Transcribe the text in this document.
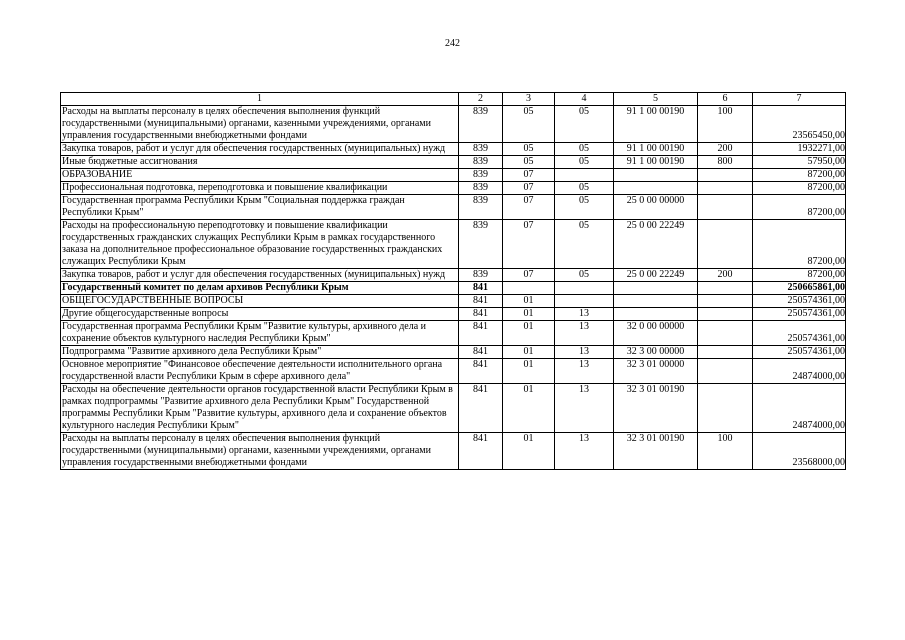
242
1	2	3	4	5	6	7
Расходы на выплаты персоналу в целях обеспечения выполнения функций государственными (муниципальными) органами, казенными учреждениями, органами управления государственными внебюджетными фондами	839	05	05	91 1 00 00190	100	23565450,00
Закупка товаров, работ и услуг для обеспечения государственных (муниципальных) нужд	839	05	05	91 1 00 00190	200	1932271,00
Иные бюджетные ассигнования	839	05	05	91 1 00 00190	800	57950,00
ОБРАЗОВАНИЕ	839	07				87200,00
Профессиональная подготовка, переподготовка и повышение квалификации	839	07	05			87200,00
Государственная программа Республики Крым "Социальная поддержка граждан Республики Крым"	839	07	05	25 0 00 00000		87200,00
Расходы на профессиональную переподготовку и повышение квалификации государственных гражданских служащих Республики Крым в рамках государственного заказа на дополнительное профессиональное образование государственных гражданских служащих Республики Крым	839	07	05	25 0 00 22249		87200,00
Закупка товаров, работ и услуг для обеспечения государственных (муниципальных) нужд	839	07	05	25 0 00 22249	200	87200,00
Государственный комитет по делам архивов Республики Крым	841					250665861,00
ОБЩЕГОСУДАРСТВЕННЫЕ ВОПРОСЫ	841	01				250574361,00
Другие общегосударственные вопросы	841	01	13			250574361,00
Государственная программа Республики Крым "Развитие культуры, архивного дела и сохранение объектов культурного наследия Республики Крым"	841	01	13	32 0 00 00000		250574361,00
Подпрограмма "Развитие архивного дела Республики Крым"	841	01	13	32 3 00 00000		250574361,00
Основное мероприятие "Финансовое обеспечение деятельности исполнительного органа государственной власти Республики Крым в сфере архивного дела"	841	01	13	32 3 01 00000		24874000,00
Расходы на обеспечение деятельности органов государственной власти Республики Крым в рамках подпрограммы "Развитие архивного дела Республики Крым" Государственной программы Республики Крым "Развитие культуры, архивного дела и сохранение объектов культурного наследия Республики Крым"	841	01	13	32 3 01 00190		24874000,00
Расходы на выплаты персоналу в целях обеспечения выполнения функций государственными (муниципальными) органами, казенными учреждениями, органами управления государственными внебюджетными фондами	841	01	13	32 3 01 00190	100	23568000,00
